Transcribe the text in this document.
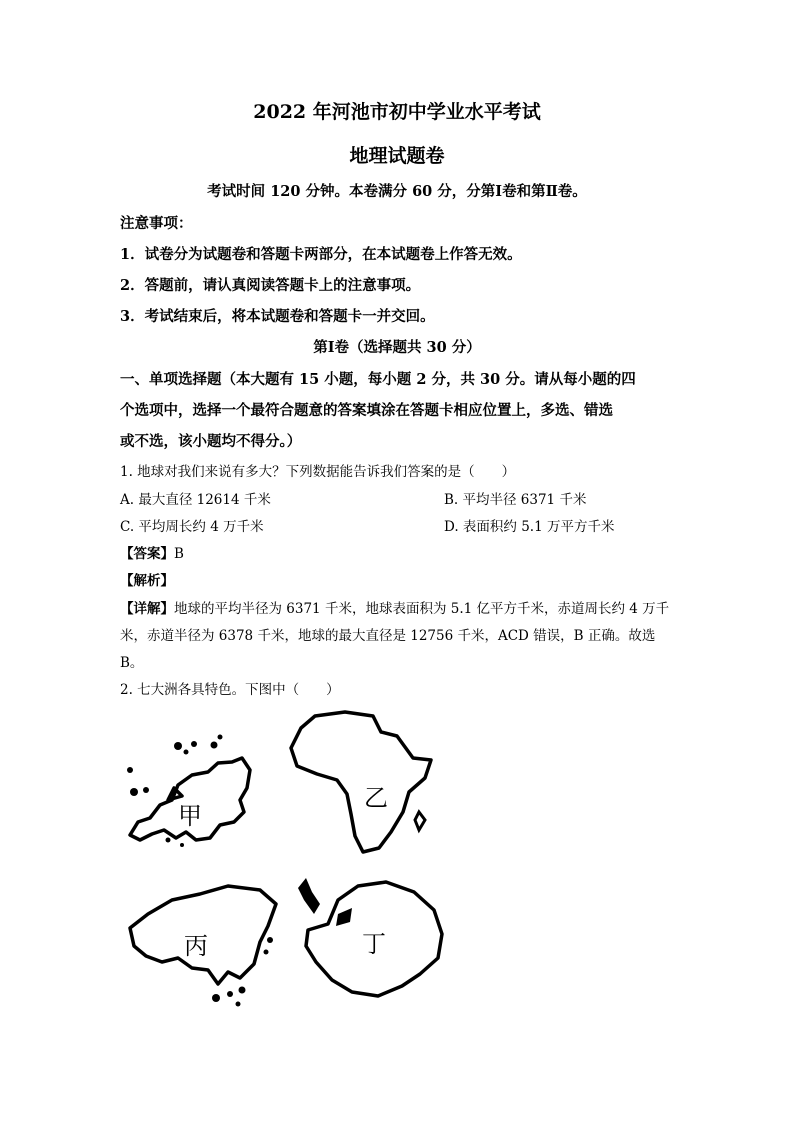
2022 年河池市初中学业水平考试
地理试题卷
考试时间 120 分钟。本卷满分 60 分，分第Ⅰ卷和第Ⅱ卷。
注意事项：
1．试卷分为试题卷和答题卡两部分，在本试题卷上作答无效。
2．答题前，请认真阅读答题卡上的注意事项。
3．考试结束后，将本试题卷和答题卡一并交回。
第Ⅰ卷（选择题共 30 分）
一、单项选择题（本大题有 15 小题，每小题 2 分，共 30 分。请从每小题的四
个选项中，选择一个最符合题意的答案填涂在答题卡相应位置上，多选、错选
或不选，该小题均不得分。）
1. 地球对我们来说有多大？下列数据能告诉我们答案的是（　　）
A. 最大直径 12614 千米	B. 平均半径 6371 千米
C. 平均周长约 4 万千米	D. 表面积约 5.1 万平方千米
【答案】B
【解析】
【详解】地球的平均半径为 6371 千米，地球表面积为 5.1 亿平方千米，赤道周长约 4 万千
米，赤道半径为 6378 千米，地球的最大直径是 12756 千米，ACD 错误，B 正确。故选
B。
2. 七大洲各具特色。下图中（　　）
甲
乙
丙	丁
